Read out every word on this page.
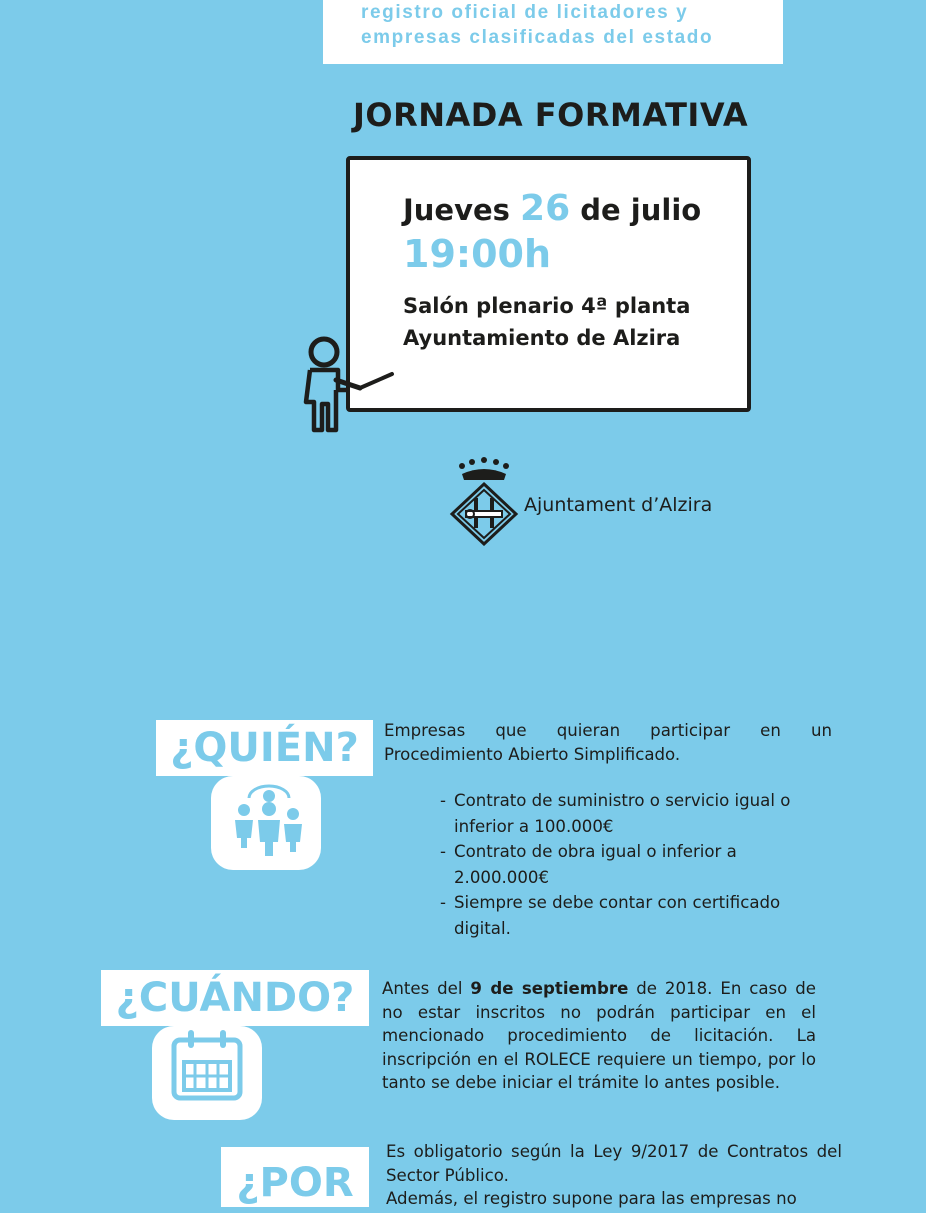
registro oficial de licitadores y
empresas clasificadas del estado
JORNADA FORMATIVA
Jueves 26 de julio
19:00h
Salón plenario 4ª planta
Ayuntamiento de Alzira
Ajuntament d’Alzira
¿QUIÉN?	Empresas que quieran participar en un Procedimiento Abierto Simplificado.
- Contrato de suministro o servicio igual o inferior a 100.000€
- Contrato de obra igual o inferior a 2.000.000€
- Siempre se debe contar con certificado digital.
¿CUÁNDO?	Antes del 9 de septiembre de 2018. En caso de no estar inscritos no podrán participar en el mencionado procedimiento de licitación. La inscripción en el ROLECE requiere un tiempo, por lo tanto se debe iniciar el trámite lo antes posible.
¿POR
Es obligatorio según la Ley 9/2017 de Contratos del Sector Público.
Además, el registro supone para las empresas no
